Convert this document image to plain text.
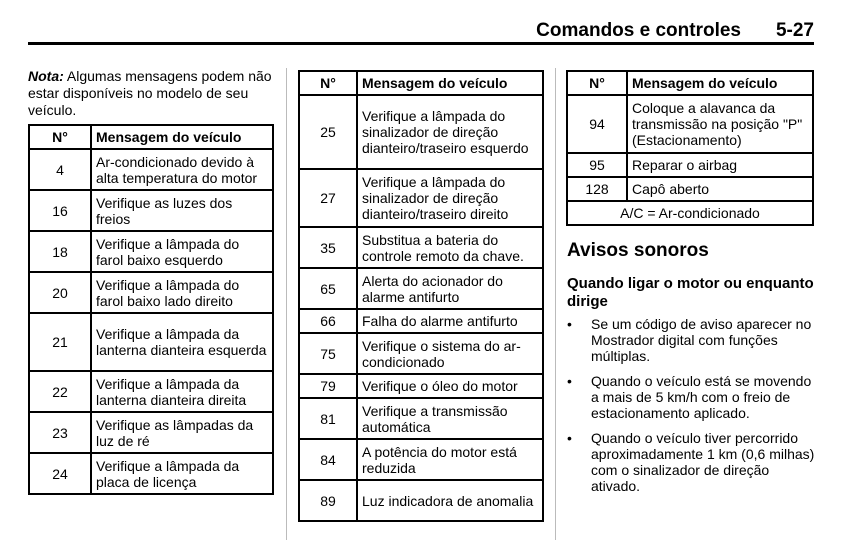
Comandos e controles 5-27
Nota: Algumas mensagens podem não estar disponíveis no modelo de seu veículo.
N°	Mensagem do veículo
4	Ar-condicionado devido à alta temperatura do motor
16	Verifique as luzes dos freios
18	Verifique a lâmpada do farol baixo esquerdo
20	Verifique a lâmpada do farol baixo lado direito
21	Verifique a lâmpada da lanterna dianteira esquerda
22	Verifique a lâmpada da lanterna dianteira direita
23	Verifique as lâmpadas da luz de ré
24	Verifique a lâmpada da placa de licença
N°	Mensagem do veículo
25	Verifique a lâmpada do sinalizador de direção dianteiro/traseiro esquerdo
27	Verifique a lâmpada do sinalizador de direção dianteiro/traseiro direito
35	Substitua a bateria do controle remoto da chave.
65	Alerta do acionador do alarme antifurto
66	Falha do alarme antifurto
75	Verifique o sistema do ar-condicionado
79	Verifique o óleo do motor
81	Verifique a transmissão automática
84	A potência do motor está reduzida
89	Luz indicadora de anomalia
N°	Mensagem do veículo
94	Coloque a alavanca da transmissão na posição "P" (Estacionamento)
95	Reparar o airbag
128	Capô aberto
A/C = Ar-condicionado	
Avisos sonoros
Quando ligar o motor ou enquanto dirige
• Se um código de aviso aparecer no Mostrador digital com funções múltiplas.
• Quando o veículo está se movendo a mais de 5 km/h com o freio de estacionamento aplicado.
• Quando o veículo tiver percorrido aproximadamente 1 km (0,6 milhas) com o sinalizador de direção ativado.
